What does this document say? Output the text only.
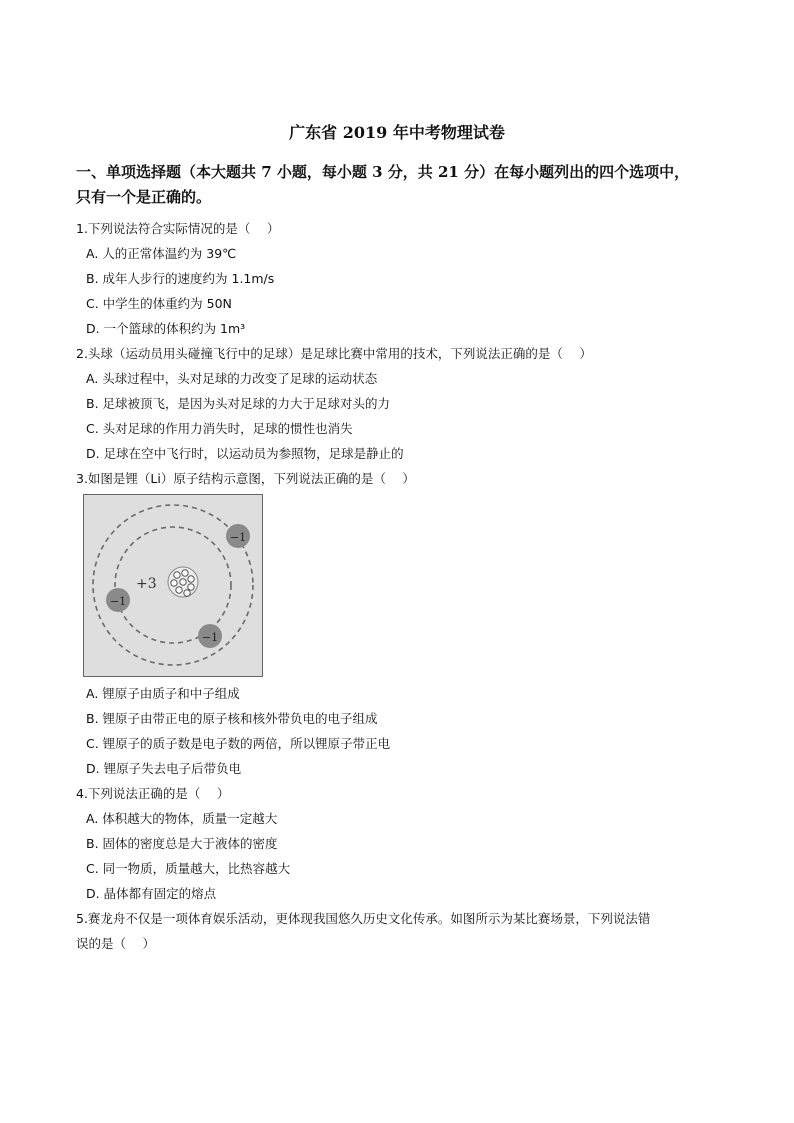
广东省 2019 年中考物理试卷
一、单项选择题（本大题共 7 小题，每小题 3 分，共 21 分）在每小题列出的四个选项中，
只有一个是正确的。
1.下列说法符合实际情况的是（　 ）
A. 人的正常体温约为 39℃
B. 成年人步行的速度约为 1.1m/s
C. 中学生的体重约为 50N
D. 一个篮球的体积约为 1m³
2.头球（运动员用头碰撞飞行中的足球）是足球比赛中常用的技术，下列说法正确的是（　 ）
A. 头球过程中，头对足球的力改变了足球的运动状态
B. 足球被顶飞，是因为头对足球的力大于足球对头的力
C. 头对足球的作用力消失时，足球的惯性也消失
D. 足球在空中飞行时，以运动员为参照物，足球是静止的
3.如图是锂（Li）原子结构示意图，下列说法正确的是（　 ）
+3
−1
−1
−1
A. 锂原子由质子和中子组成
B. 锂原子由带正电的原子核和核外带负电的电子组成
C. 锂原子的质子数是电子数的两倍，所以锂原子带正电
D. 锂原子失去电子后带负电
4.下列说法正确的是（　 ）
A. 体积越大的物体，质量一定越大
B. 固体的密度总是大于液体的密度
C. 同一物质，质量越大，比热容越大
D. 晶体都有固定的熔点
5.赛龙舟不仅是一项体育娱乐活动，更体现我国悠久历史文化传承。如图所示为某比赛场景，下列说法错
误的是（　 ）
